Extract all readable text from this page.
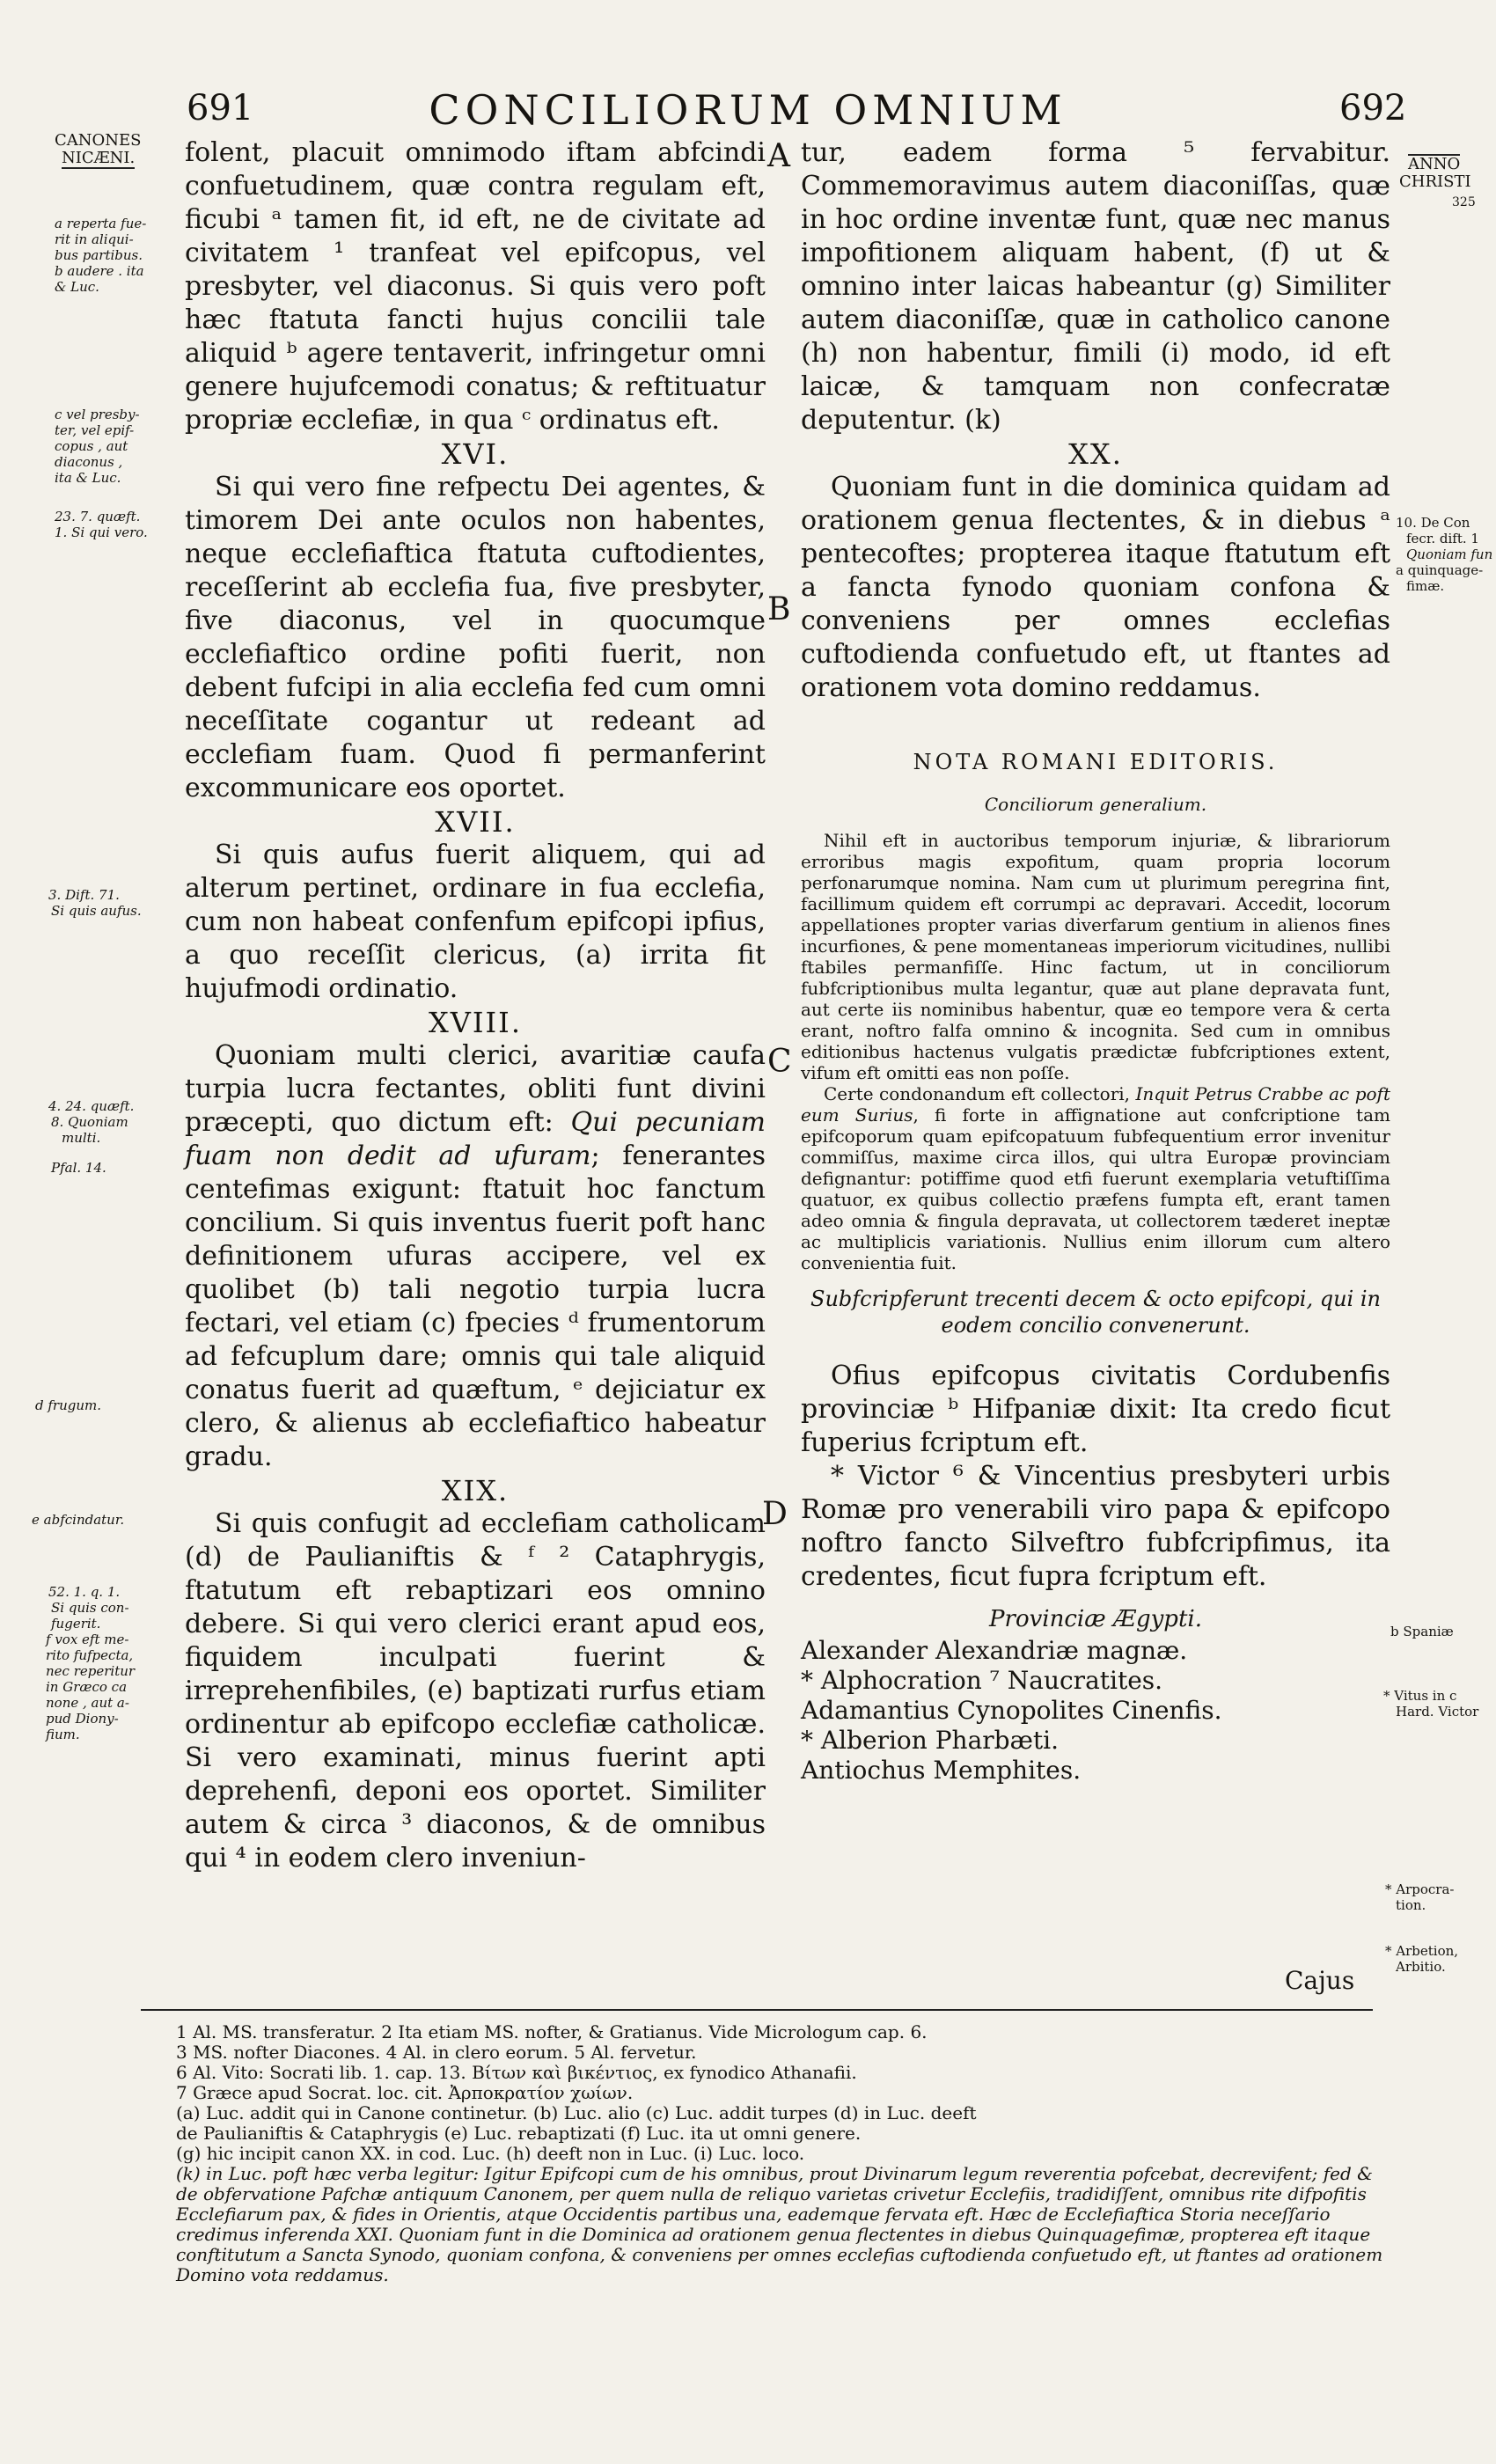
691	CONCILIORUM OMNIUM	692
CANONES
NICÆNI.
a reperta fue-
rit in aliqui-
bus partibus.
b audere . ita
& Luc.
c vel presby-
ter, vel epif-
copus , aut
diaconus ,
ita & Luc.
23. 7. quæft.
1. Si qui vero.
3. Dift. 71.
Si quis aufus.
4. 24. quæft.
8. Quoniam
multi.
Pfal. 14.
d frugum.
e abfcindatur.
52. 1. q. 1.
Si quis con-
fugerit.
f vox eft me-
rito fufpecta,
nec reperitur
in Græco ca
none , aut a-
pud Diony-
fium.
ANNO
CHRISTI
325
10. De Con
fecr. dift. 1
Quoniam fun
a quinquage-
fimæ.
b Spaniæ
* Vitus in c
Hard. Victor
* Arpocra-
tion.
* Arbetion,
Arbitio.
A
B
C
D

folent, placuit omnimodo iftam abfcindi confuetudinem, quæ contra regulam eft, ficubi ᵃ tamen fit, id eft, ne de civitate ad civitatem ¹ tranfeat vel epifcopus, vel presbyter, vel diaconus. Si quis vero poft hæc ftatuta fancti hujus concilii tale aliquid ᵇ agere tentaverit, infringetur omni genere hujufcemodi conatus; & reftituatur propriæ ecclefiæ, in qua ᶜ ordinatus eft.

XVI.

Si qui vero fine refpectu Dei agentes, & timorem Dei ante oculos non habentes, neque ecclefiaftica ftatuta cuftodientes, receſſerint ab ecclefia fua, five presbyter, five diaconus, vel in quocumque ecclefiaftico ordine pofiti fuerit, non debent fufcipi in alia ecclefia fed cum omni neceſſitate cogantur ut redeant ad ecclefiam fuam. Quod fi permanferint excommunicare eos oportet.

XVII.

Si quis aufus fuerit aliquem, qui ad alterum pertinet, ordinare in fua ecclefia, cum non habeat confenfum epifcopi ipfius, a quo receſſit clericus, (a) irrita fit hujufmodi ordinatio.

XVIII.

Quoniam multi clerici, avaritiæ caufa turpia lucra fectantes, obliti funt divini præcepti, quo dictum eft: Qui pecuniam fuam non dedit ad ufuram; fenerantes centefimas exigunt: ftatuit hoc fanctum concilium. Si quis inventus fuerit poft hanc definitionem ufuras accipere, vel ex quolibet (b) tali negotio turpia lucra fectari, vel etiam (c) fpecies ᵈ frumentorum ad fefcuplum dare; omnis qui tale aliquid conatus fuerit ad quæftum, ᵉ dejiciatur ex clero, & alienus ab ecclefiaftico habeatur gradu.

XIX.

Si quis confugit ad ecclefiam catholicam (d) de Paulianiftis & ᶠ ² Cataphrygis, ftatutum eft rebaptizari eos omnino debere. Si qui vero clerici erant apud eos, fiquidem inculpati fuerint & irreprehenfibiles, (e) baptizati rurfus etiam ordinentur ab epifcopo ecclefiæ catholicæ. Si vero examinati, minus fuerint apti deprehenfi, deponi eos oportet. Similiter autem & circa ³ diaconos, & de omnibus qui ⁴ in eodem clero inveniun-

tur, eadem forma ⁵ fervabitur. Commemoravimus autem diaconiſſas, quæ in hoc ordine inventæ funt, quæ nec manus impofitionem aliquam habent, (f) ut & omnino inter laicas habeantur (g) Similiter autem diaconiſſæ, quæ in catholico canone (h) non habentur, fimili (i) modo, id eft laicæ, & tamquam non confecratæ deputentur. (k)

XX.

Quoniam funt in die dominica quidam ad orationem genua flectentes, & in diebus ᵃ pentecoftes; propterea itaque ftatutum eft a fancta fynodo quoniam confona & conveniens per omnes ecclefias cuftodienda confuetudo eft, ut ftantes ad orationem vota domino reddamus.

NOTA ROMANI EDITORIS.
Conciliorum generalium.

Nihil eft in auctoribus temporum injuriæ, & librariorum erroribus magis expofitum, quam propria locorum perfonarumque nomina. Nam cum ut plurimum peregrina fint, facillimum quidem eft corrumpi ac depravari. Accedit, locorum appellationes propter varias diverfarum gentium in alienos fines incurfiones, & pene momentaneas imperiorum vicitudines, nullibi ftabiles permanfiſſe. Hinc factum, ut in conciliorum fubfcriptionibus multa legantur, quæ aut plane depravata funt, aut certe iis nominibus habentur, quæ eo tempore vera & certa erant, noftro falfa omnino & incognita. Sed cum in omnibus editionibus hactenus vulgatis prædictæ fubfcriptiones extent, vifum eft omitti eas non poſſe.

Certe condonandum eft collectori, Inquit Petrus Crabbe ac poft eum Surius, fi forte in affignatione aut confcriptione tam epifcoporum quam epifcopatuum fubfequentium error invenitur commiſſus, maxime circa illos, qui ultra Europæ provinciam defignantur: potiffime quod etfi fuerunt exemplaria vetuftiſſima quatuor, ex quibus collectio præfens fumpta eft, erant tamen adeo omnia & fingula depravata, ut collectorem tæderet ineptæ ac multiplicis variationis. Nullius enim illorum cum altero convenientia fuit.

Subfcripferunt trecenti decem & octo epifcopi, qui in eodem concilio convenerunt.

Ofius epifcopus civitatis Cordubenfis provinciæ ᵇ Hifpaniæ dixit: Ita credo ficut fuperius fcriptum eft.

* Victor ⁶ & Vincentius presbyteri urbis Romæ pro venerabili viro papa & epifcopo noftro fancto Silveftro fubfcripfimus, ita credentes, ficut fupra fcriptum eft.

Provinciæ Ægypti.

Alexander Alexandriæ magnæ.

* Alphocration ⁷ Naucratites.

Adamantius Cynopolites Cinenfis.

* Alberion Pharbæti.

Antiochus Memphites.

Cajus
1 Al. MS. transferatur. 2 Ita etiam MS. nofter, & Gratianus. Vide Micrologum cap. 6.
3 MS. nofter Diacones. 4 Al. in clero eorum. 5 Al. fervetur.
6 Al. Vito: Socrati lib. 1. cap. 13. Βίτων καὶ βικέντιος, ex fynodico Athanafii.
7 Græce apud Socrat. loc. cit. Ἀρποκρατίον χωίων.
(a) Luc. addit qui in Canone continetur. (b) Luc. alio (c) Luc. addit turpes (d) in Luc. deeft
de Paulianiftis & Cataphrygis (e) Luc. rebaptizati (f) Luc. ita ut omni genere.
(g) hic incipit canon XX. in cod. Luc. (h) deeft non in Luc. (i) Luc. loco.
(k) in Luc. poft hæc verba legitur: Igitur Epifcopi cum de his omnibus, prout Divinarum legum reverentia pofcebat, decrevifent; fed & de obfervatione Pafchæ antiquum Canonem, per quem nulla de reliquo varietas crivetur Ecclefiis, tradidiſſent, omnibus rite difpofitis Ecclefiarum pax, & fides in Orientis, atque Occidentis partibus una, eademque fervata eft. Hæc de Ecclefiaftica Storia neceſſario credimus inferenda XXI. Quoniam funt in die Dominica ad orationem genua flectentes in diebus Quinquagefimæ, propterea eft itaque conftitutum a Sancta Synodo, quoniam confona, & conveniens per omnes ecclefias cuftodienda confuetudo eft, ut ftantes ad orationem Domino vota reddamus.
